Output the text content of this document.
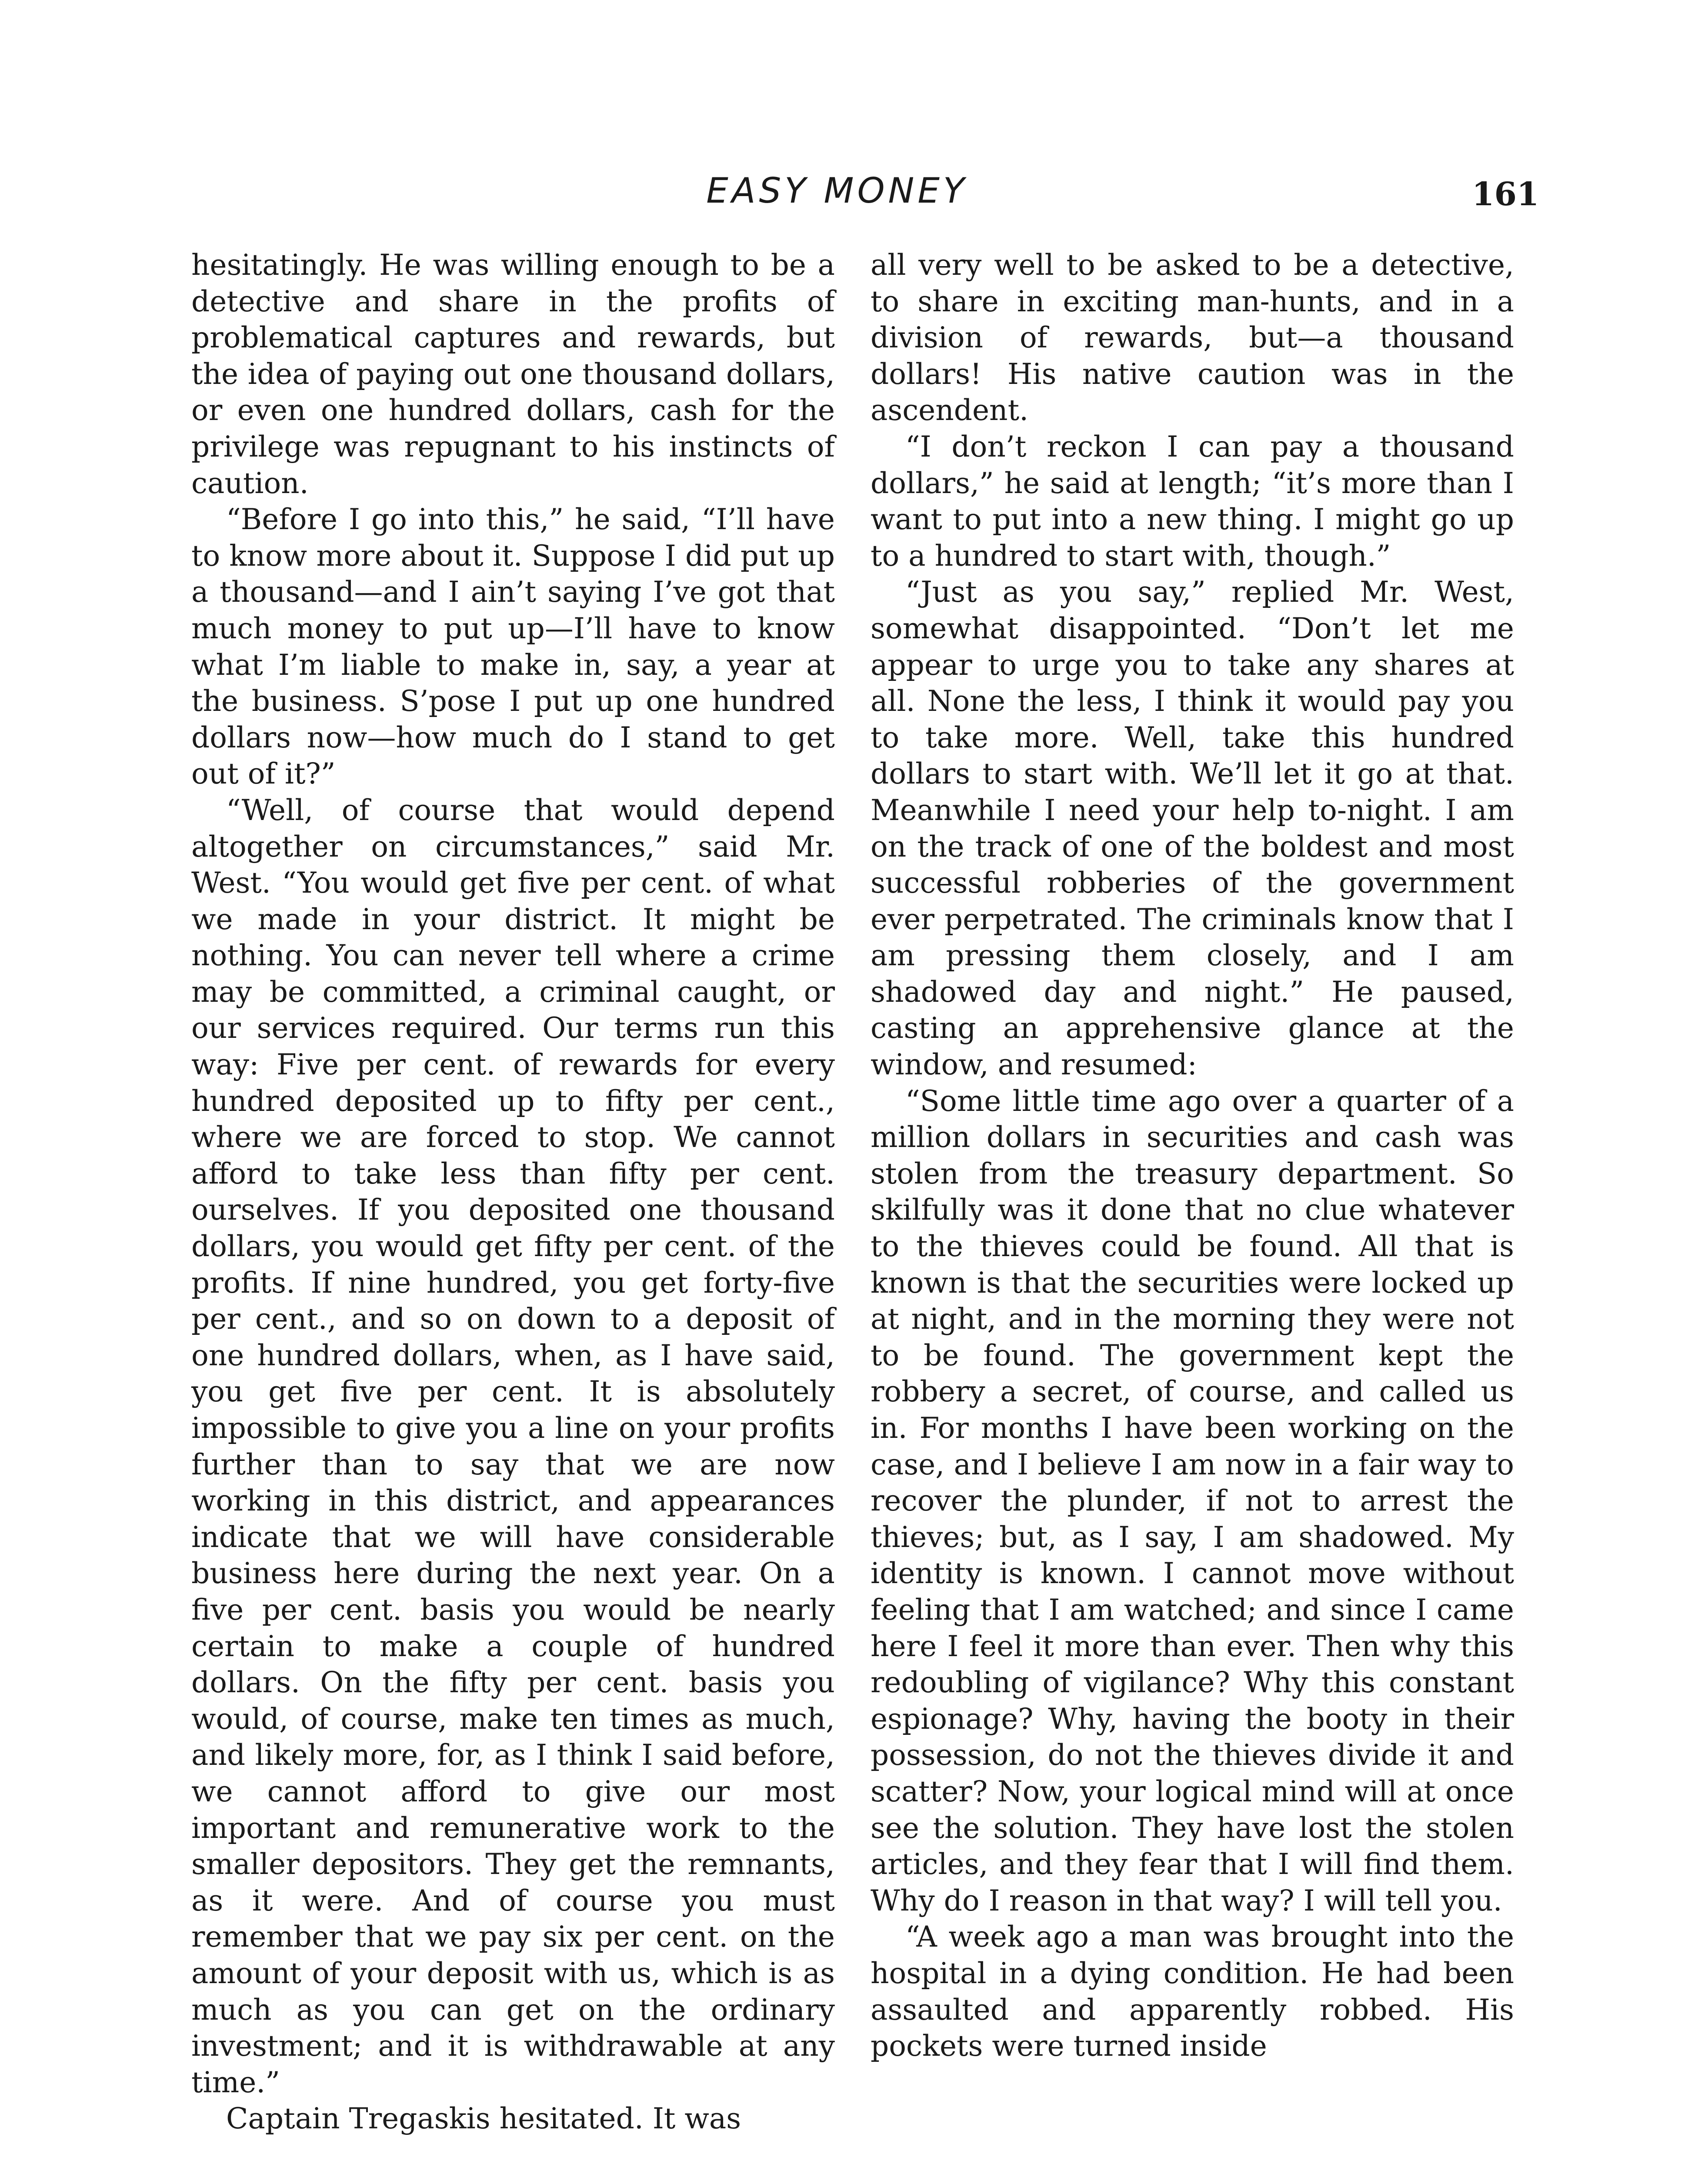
EASY MONEY	161

hesitatingly. He was willing enough to be a detective and share in the profits of problematical captures and rewards, but the idea of paying out one thousand dollars, or even one hundred dollars, cash for the privilege was repugnant to his instincts of caution.

“Before I go into this,” he said, “I’ll have to know more about it. Suppose I did put up a thousand—and I ain’t saying I’ve got that much money to put up—I’ll have to know what I’m liable to make in, say, a year at the business. S’pose I put up one hundred dollars now—how much do I stand to get out of it?”

“Well, of course that would depend altogether on circumstances,” said Mr. West. “You would get five per cent. of what we made in your district. It might be nothing. You can never tell where a crime may be committed, a criminal caught, or our services required. Our terms run this way: Five per cent. of rewards for every hundred deposited up to fifty per cent., where we are forced to stop. We cannot afford to take less than fifty per cent. ourselves. If you deposited one thousand dollars, you would get fifty per cent. of the profits. If nine hundred, you get forty-five per cent., and so on down to a deposit of one hundred dollars, when, as I have said, you get five per cent. It is absolutely impossible to give you a line on your profits further than to say that we are now working in this district, and appearances indicate that we will have considerable business here during the next year. On a five per cent. basis you would be nearly certain to make a couple of hundred dollars. On the fifty per cent. basis you would, of course, make ten times as much, and likely more, for, as I think I said before, we cannot afford to give our most important and remunerative work to the smaller depositors. They get the remnants, as it were. And of course you must remember that we pay six per cent. on the amount of your deposit with us, which is as much as you can get on the ordinary investment; and it is withdrawable at any time.”

Captain Tregaskis hesitated. It was

all very well to be asked to be a detective, to share in exciting man-hunts, and in a division of rewards, but—a thousand dollars! His native caution was in the ascendent.

“I don’t reckon I can pay a thousand dollars,” he said at length; “it’s more than I want to put into a new thing. I might go up to a hundred to start with, though.”

“Just as you say,” replied Mr. West, somewhat disappointed. “Don’t let me appear to urge you to take any shares at all. None the less, I think it would pay you to take more. Well, take this hundred dollars to start with. We’ll let it go at that. Meanwhile I need your help to-night. I am on the track of one of the boldest and most successful robberies of the government ever perpetrated. The criminals know that I am pressing them closely, and I am shadowed day and night.” He paused, casting an apprehensive glance at the window, and resumed:

“Some little time ago over a quarter of a million dollars in securities and cash was stolen from the treasury department. So skilfully was it done that no clue whatever to the thieves could be found. All that is known is that the securities were locked up at night, and in the morning they were not to be found. The government kept the robbery a secret, of course, and called us in. For months I have been working on the case, and I believe I am now in a fair way to recover the plunder, if not to arrest the thieves; but, as I say, I am shadowed. My identity is known. I cannot move without feeling that I am watched; and since I came here I feel it more than ever. Then why this redoubling of vigilance? Why this constant espionage? Why, having the booty in their possession, do not the thieves divide it and scatter? Now, your logical mind will at once see the solution. They have lost the stolen articles, and they fear that I will find them. Why do I reason in that way? I will tell you.

“A week ago a man was brought into the hospital in a dying condition. He had been assaulted and apparently robbed. His pockets were turned inside
